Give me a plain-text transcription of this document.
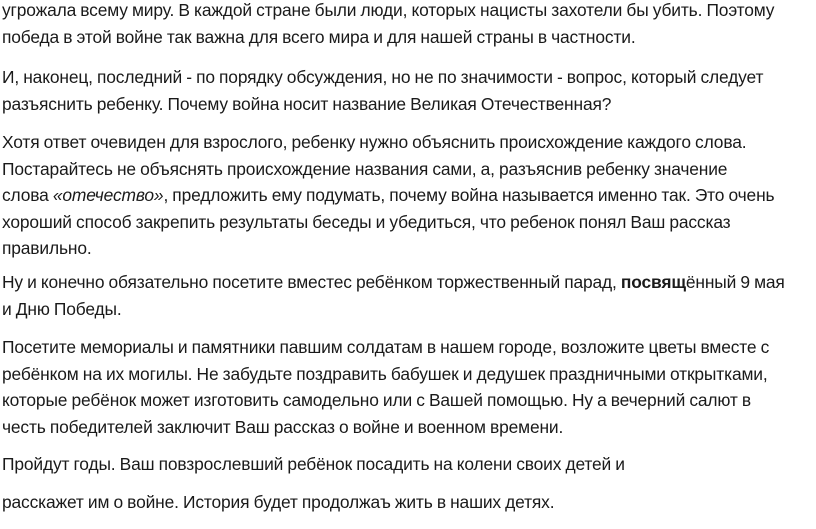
угрожала всему миру. В каждой стране были люди, которых нацисты захотели бы убить. Поэтому
победа в этой войне так важна для всего мира и для нашей страны в частности.

И, наконец, последний - по порядку обсуждения, но не по значимости - вопрос, который следует
разъяснить ребенку. Почему война носит название Великая Отечественная?

Хотя ответ очевиден для взрослого, ребенку нужно объяснить происхождение каждого слова.
Постарайтесь не объяснять происхождение названия сами, а, разъяснив ребенку значение
слова «отечество», предложить ему подумать, почему война называется именно так. Это очень
хороший способ закрепить результаты беседы и убедиться, что ребенок понял Ваш рассказ
правильно.

Ну и конечно обязательно посетите вместес ребёнком торжественный парад, посвящённый 9 мая
и Дню Победы.

Посетите мемориалы и памятники павшим солдатам в нашем городе, возложите цветы вместе с
ребёнком на их могилы. Не забудьте поздравить бабушек и дедушек праздничными открытками,
которые ребёнок может изготовить самодельно или с Вашей помощью. Ну а вечерний салют в
честь победителей заключит Ваш рассказ о войне и военном времени.

Пройдут годы. Ваш повзрослевший ребёнок посадить на колени своих детей и

расскажет им о войне. История будет продолжаъ жить в наших детях.
